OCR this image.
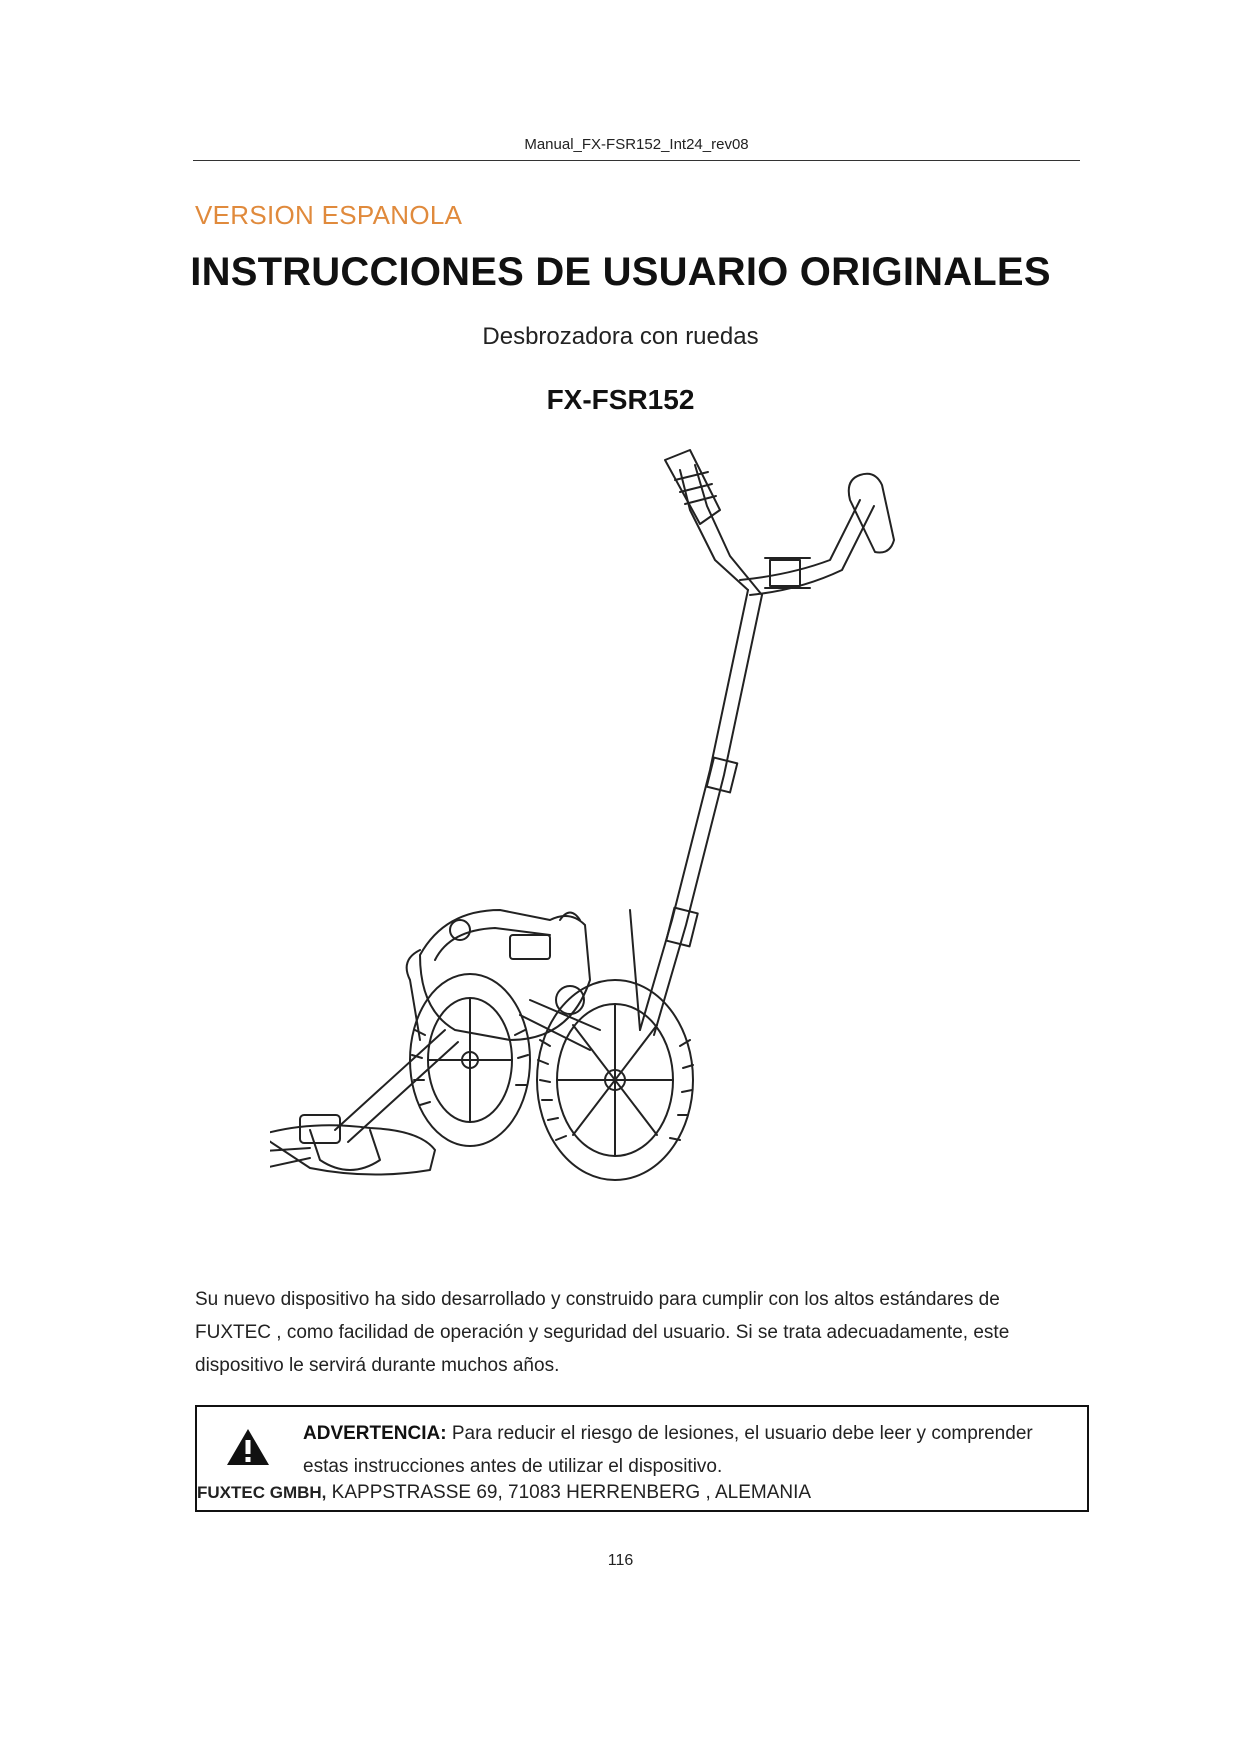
Manual_FX-FSR152_Int24_rev08
VERSION ESPANOLA
INSTRUCCIONES DE USUARIO ORIGINALES
Desbrozadora con ruedas
FX-FSR152
Su nuevo dispositivo ha sido desarrollado y construido para cumplir con los altos estándares de FUXTEC , como facilidad de operación y seguridad del usuario. Si se trata adecuadamente, este dispositivo le servirá durante muchos años.
ADVERTENCIA: Para reducir el riesgo de lesiones, el usuario debe leer y comprender estas instrucciones antes de utilizar el dispositivo.
FUXTEC GMBH, KAPPSTRASSE 69, 71083 HERRENBERG , ALEMANIA
116
